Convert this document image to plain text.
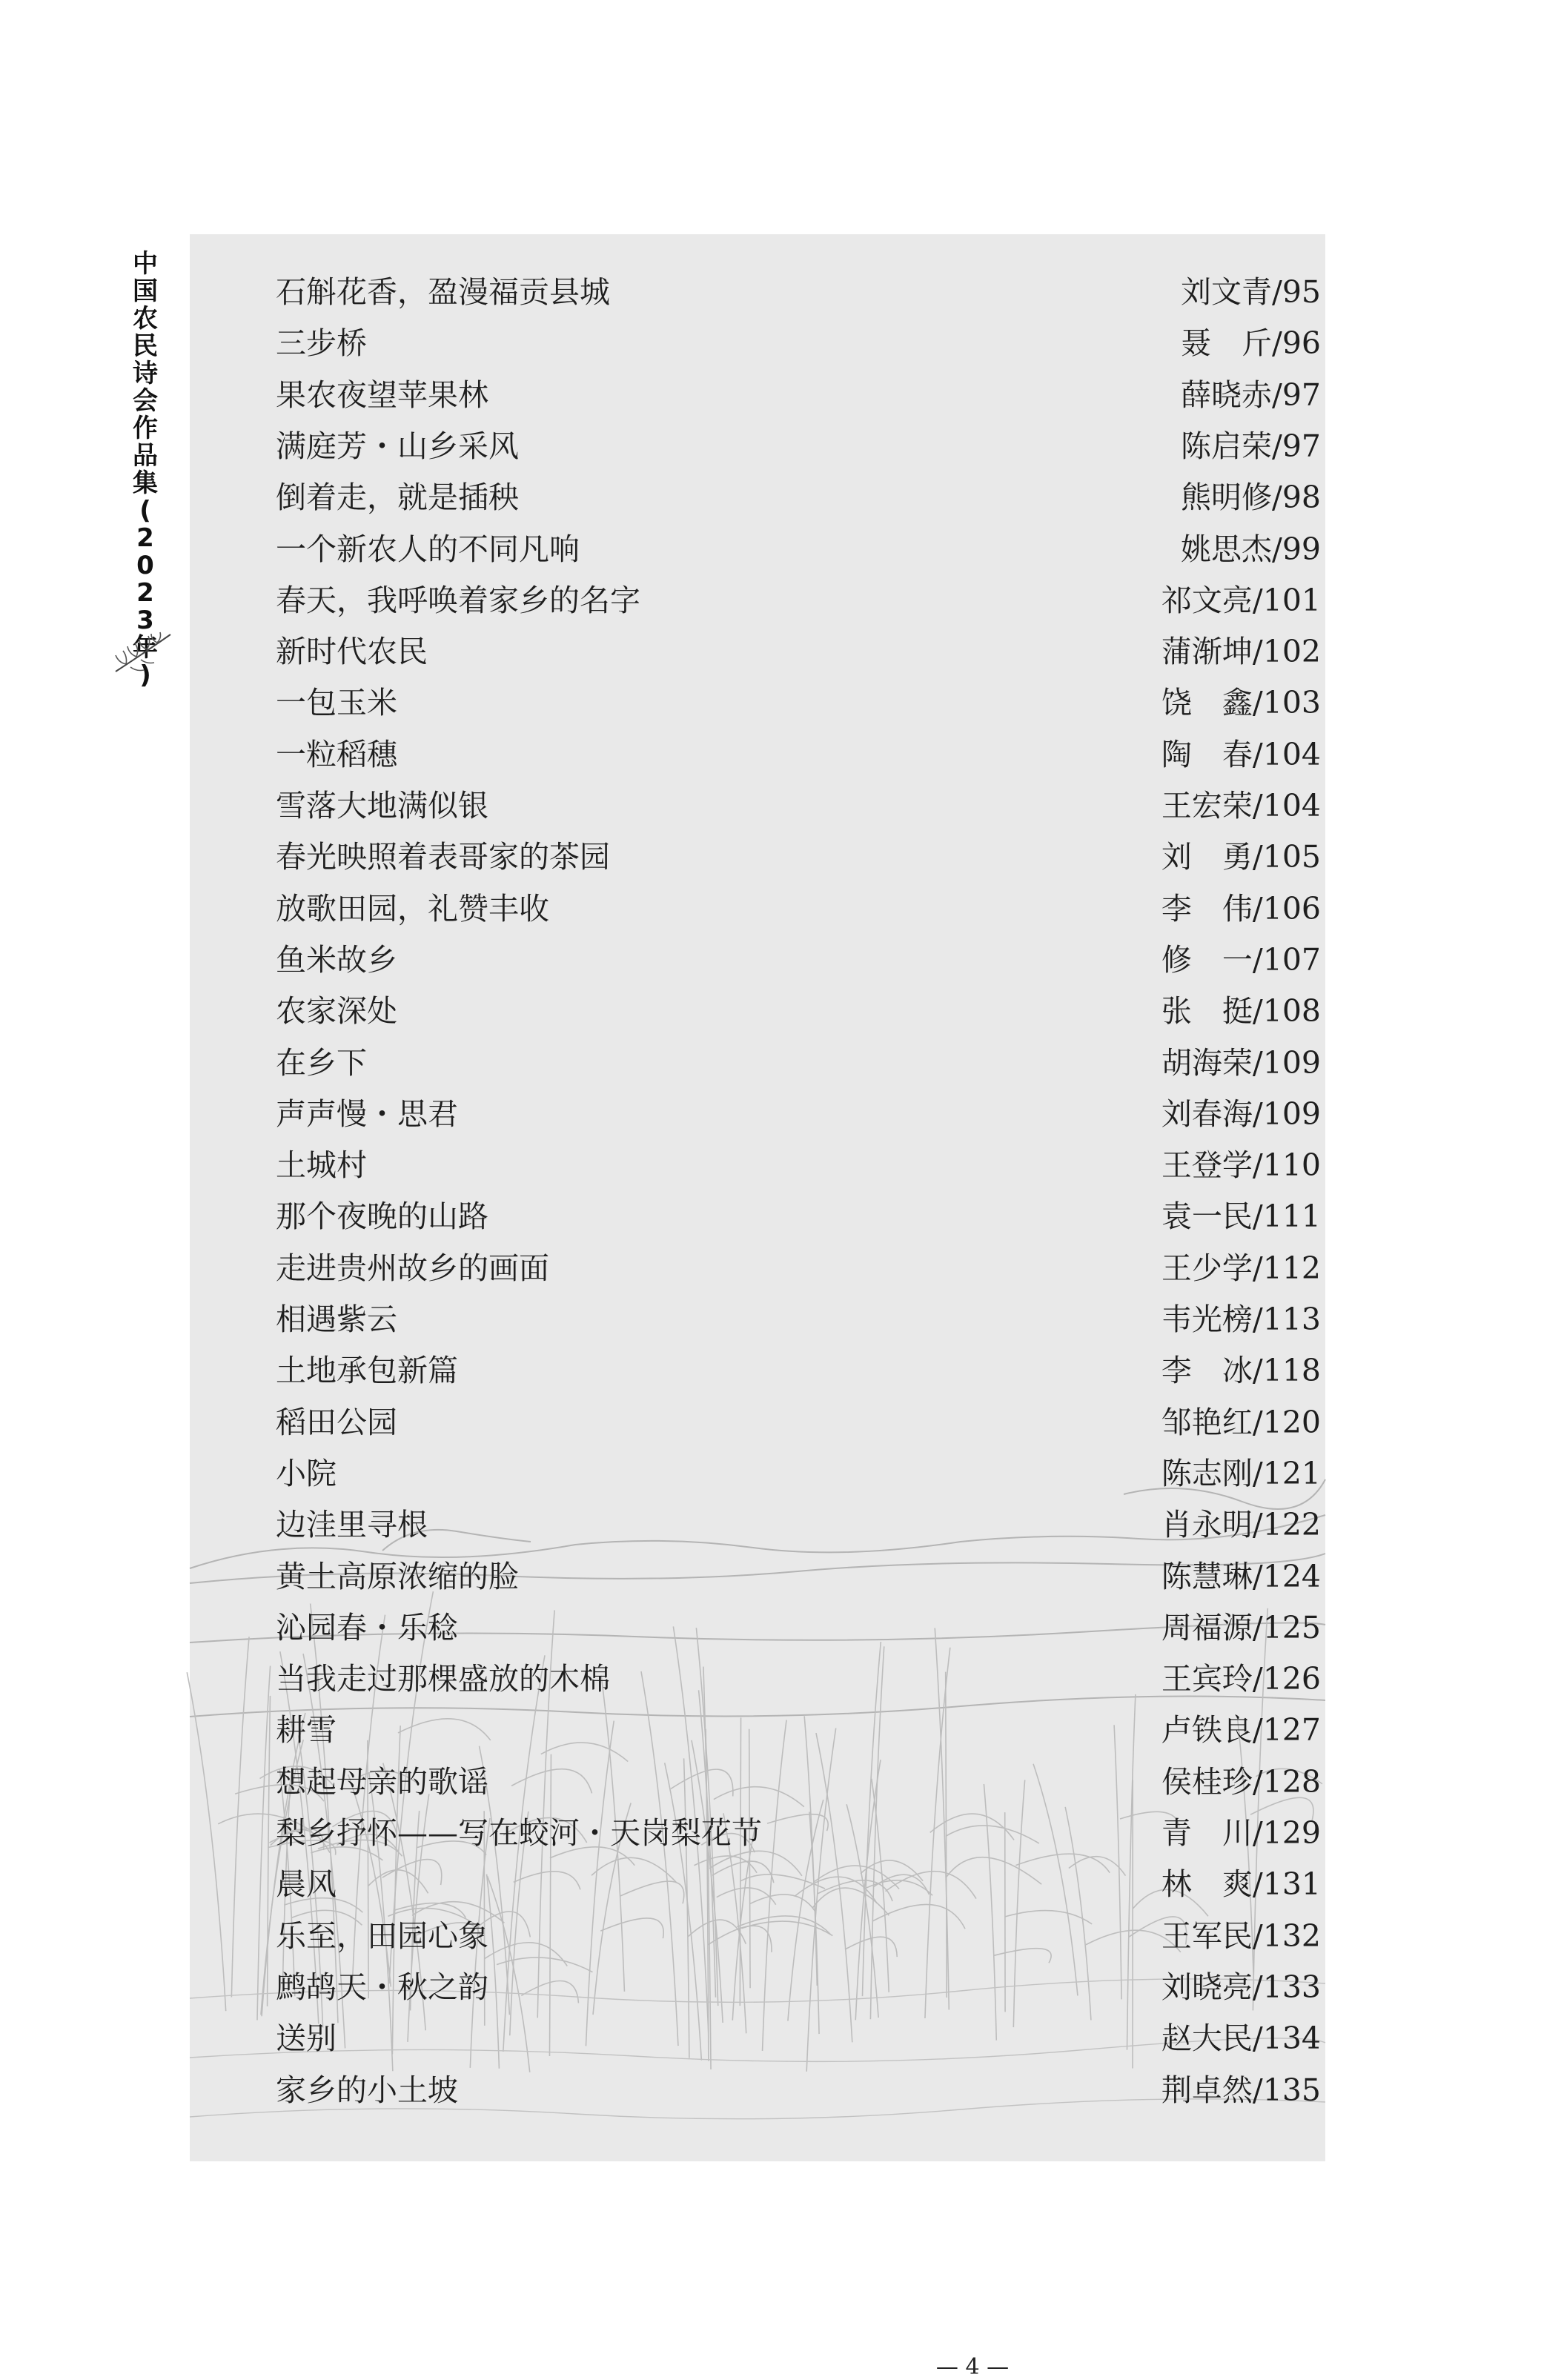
中
国
农
民
诗
会
作
品
集
(
2
0
2
3
年
)
石斛花香，盈漫福贡县城	刘文青/95
三步桥	聂　斤/96
果农夜望苹果林	薛晓赤/97
满庭芳・山乡采风	陈启荣/97
倒着走，就是插秧	熊明修/98
一个新农人的不同凡响	姚思杰/99
春天，我呼唤着家乡的名字	祁文亮/101
新时代农民	蒲渐坤/102
一包玉米	饶　鑫/103
一粒稻穗	陶　春/104
雪落大地满似银	王宏荣/104
春光映照着表哥家的茶园	刘　勇/105
放歌田园，礼赞丰收	李　伟/106
鱼米故乡	修　一/107
农家深处	张　挺/108
在乡下	胡海荣/109
声声慢・思君	刘春海/109
土城村	王登学/110
那个夜晚的山路	袁一民/111
走进贵州故乡的画面	王少学/112
相遇紫云	韦光榜/113
土地承包新篇	李　冰/118
稻田公园	邹艳红/120
小院	陈志刚/121
边洼里寻根	肖永明/122
黄土高原浓缩的脸	陈慧琳/124
沁园春・乐稔	周福源/125
当我走过那棵盛放的木棉	王宾玲/126
耕雪	卢铁良/127
想起母亲的歌谣	侯桂珍/128
梨乡抒怀——写在蛟河・天岗梨花节	青　川/129
晨风	林　爽/131
乐至，田园心象	王军民/132
鹧鸪天・秋之韵	刘晓亮/133
送别	赵大民/134
家乡的小土坡	荆卓然/135
— 4 —
